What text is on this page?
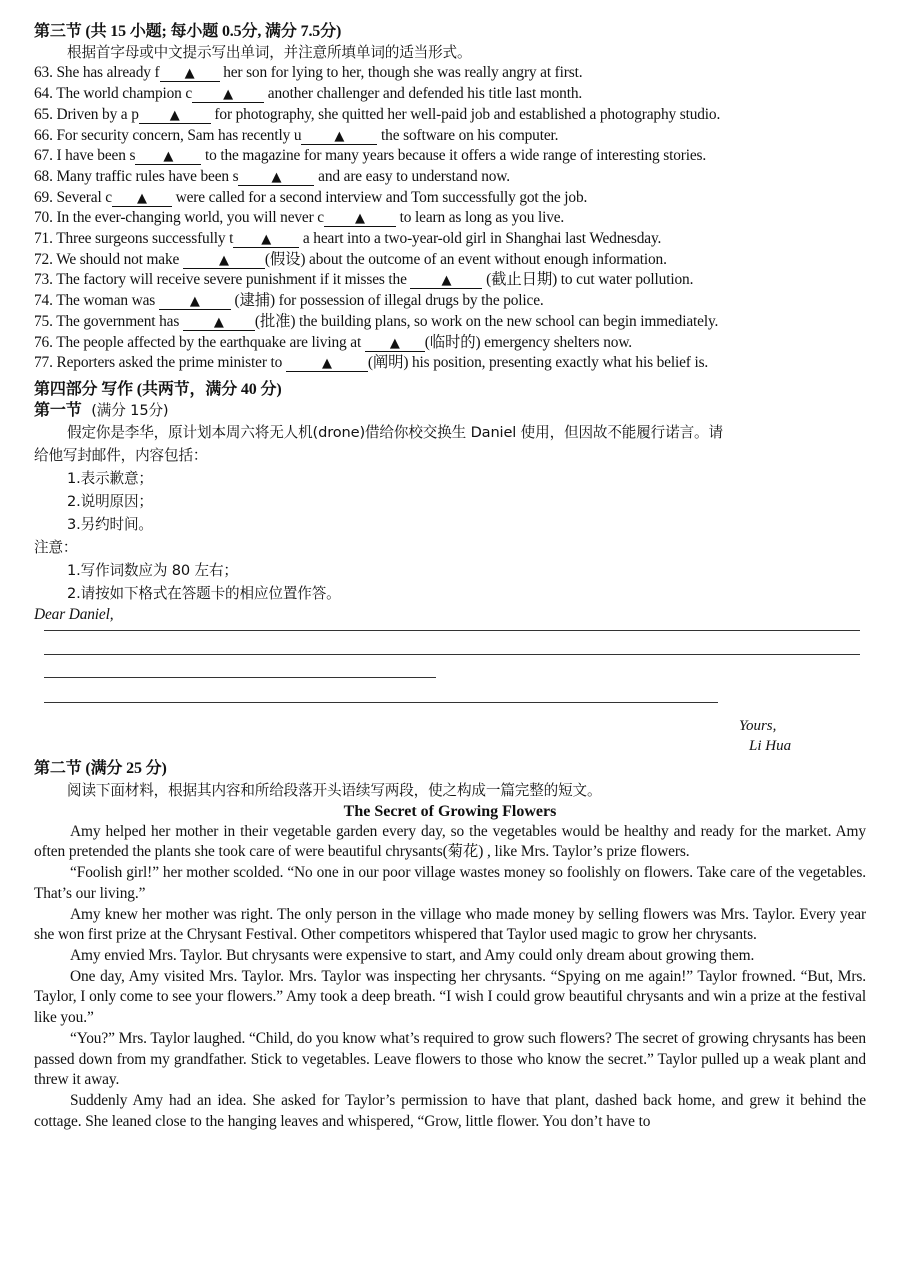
第三节 (共 15 小题; 每小题 0.5分, 满分 7.5分)
根据首字母或中文提示写出单词，并注意所填单词的适当形式。
63. She has already f ▲ her son for lying to her, though she was really angry at first.
64. The world champion c ▲ another challenger and defended his title last month.
65. Driven by a p ▲ for photography, she quitted her well-paid job and established a photography studio.
66. For security concern, Sam has recently u	▲ the software on his computer.
67. I have been s ▲ to the magazine for many years because it offers a wide range of interesting stories.
68. Many traffic rules have been s	▲ and are easy to understand now.
69. Several c ▲ were called for a second interview and Tom successfully got the job.
70. In the ever-changing world, you will never c ▲ to learn as long as you live.
71. Three surgeons successfully t ▲ a heart into a two-year-old girl in Shanghai last Wednesday.
72. We should not make	▲ (假设) about the outcome of an event without enough information.
73. The factory will receive severe punishment if it misses the ▲ (截止日期) to cut water pollution.
74. The woman was ▲ (逮捕) for possession of illegal drugs by the police.
75. The government has ▲ (批准) the building plans, so work on the new school can begin immediately.
76. The people affected by the earthquake are living at ▲ (临时的) emergency shelters now.
77. Reporters asked the prime minister to	▲ (阐明) his position, presenting exactly what his belief is.
第四部分 写作 (共两节，满分 40 分)
第一节 (满分 15分)
假定你是李华，原计划本周六将无人机(drone)借给你校交换生 Daniel 使用，但因故不能履行诺言。请
给他写封邮件，内容包括：
1.表示歉意；
2.说明原因；
3.另约时间。
注意：
1.写作词数应为 80 左右；
2.请按如下格式在答题卡的相应位置作答。
Dear Daniel,
Yours,
Li Hua
第二节 (满分 25 分)
阅读下面材料，根据其内容和所给段落开头语续写两段，使之构成一篇完整的短文。
The Secret of Growing Flowers
Amy helped her mother in their vegetable garden every day, so the vegetables would be healthy and ready for the market. Amy often pretended the plants she took care of were beautiful chrysants(菊花) , like Mrs. Taylor’s prize flowers.
“Foolish girl!” her mother scolded. “No one in our poor village wastes money so foolishly on flowers. Take care of the vegetables. That’s our living.”
Amy knew her mother was right. The only person in the village who made money by selling flowers was Mrs. Taylor. Every year she won first prize at the Chrysant Festival. Other competitors whispered that Taylor used magic to grow her chrysants.
Amy envied Mrs. Taylor. But chrysants were expensive to start, and Amy could only dream about growing them.
One day, Amy visited Mrs. Taylor. Mrs. Taylor was inspecting her chrysants. “Spying on me again!” Taylor frowned. “But, Mrs. Taylor, I only come to see your flowers.” Amy took a deep breath. “I wish I could grow beautiful chrysants and win a prize at the festival like you.”
“You?” Mrs. Taylor laughed. “Child, do you know what’s required to grow such flowers? The secret of growing chrysants has been passed down from my grandfather. Stick to vegetables. Leave flowers to those who know the secret.” Taylor pulled up a weak plant and threw it away.
Suddenly Amy had an idea. She asked for Taylor’s permission to have that plant, dashed back home, and grew it behind the cottage. She leaned close to the hanging leaves and whispered, “Grow, little flower. You don’t have to
